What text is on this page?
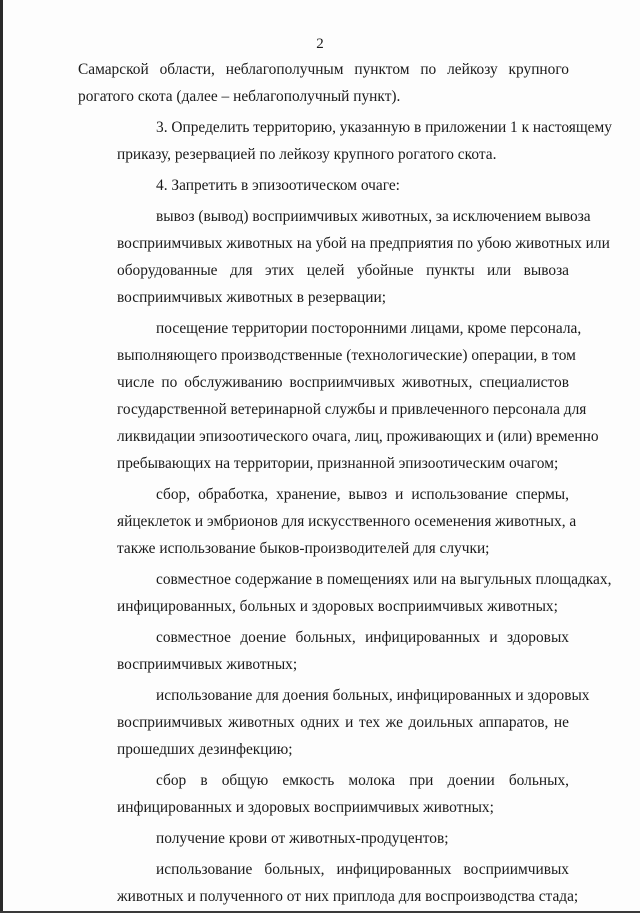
2
Самарской области, неблагополучным пунктом по лейкозу крупного
рогатого скота (далее – неблагополучный пункт).
3. Определить территорию, указанную в приложении 1 к настоящему
приказу, резервацией по лейкозу крупного рогатого скота.
4. Запретить в эпизоотическом очаге:
вывоз (вывод) восприимчивых животных, за исключением вывоза
восприимчивых животных на убой на предприятия по убою животных или
оборудованные для этих целей убойные пункты или вывоза
восприимчивых животных в резервации;
посещение территории посторонними лицами, кроме персонала,
выполняющего производственные (технологические) операции, в том
числе по обслуживанию восприимчивых животных, специалистов
государственной ветеринарной службы и привлеченного персонала для
ликвидации эпизоотического очага, лиц, проживающих и (или) временно
пребывающих на территории, признанной эпизоотическим очагом;
сбор, обработка, хранение, вывоз и использование спермы,
яйцеклеток и эмбрионов для искусственного осеменения животных, а
также использование быков-производителей для случки;
совместное содержание в помещениях или на выгульных площадках,
инфицированных, больных и здоровых восприимчивых животных;
совместное доение больных, инфицированных и здоровых
восприимчивых животных;
использование для доения больных, инфицированных и здоровых
восприимчивых животных одних и тех же доильных аппаратов, не
прошедших дезинфекцию;
сбор в общую емкость молока при доении больных,
инфицированных и здоровых восприимчивых животных;
получение крови от животных-продуцентов;
использование больных, инфицированных восприимчивых
животных и полученного от них приплода для воспроизводства стада;
